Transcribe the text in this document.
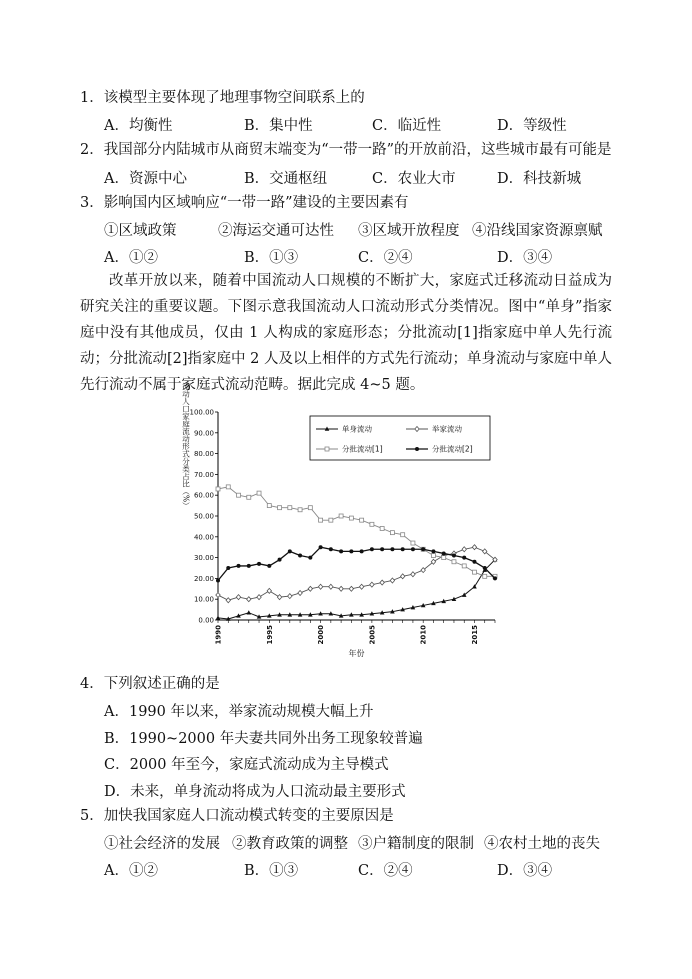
1．该模型主要体现了地理事物空间联系上的
A．均衡性	B．集中性	C．临近性	D．等级性
2．我国部分内陆城市从商贸末端变为“一带一路”的开放前沿，这些城市最有可能是
A．资源中心	B．交通枢纽	C．农业大市	D．科技新城
3．影响国内区域响应“一带一路”建设的主要因素有
①区域政策	②海运交通可达性 ③区域开放程度 ④沿线国家资源禀赋
A．①②	B．①③	C．②④	D．③④
改革开放以来，随着中国流动人口规模的不断扩大，家庭式迁移流动日益成为研究关注的重要议题。下图示意我国流动人口流动形式分类情况。图中“单身”指家庭中没有其他成员，仅由 1 人构成的家庭形态；分批流动[1]指家庭中单人先行流动；分批流动[2]指家庭中 2 人及以上相伴的方式先行流动；单身流动与家庭中单人先行流动不属于家庭式流动范畴。据此完成 4~5 题。
0.00
10.00
20.00
30.00
40.00
50.00
60.00
70.00
80.00
90.00
100.00
1990	1995	2000	2005	2010	2015
年份
流动人口家庭流动形式分类占比（%）	单身流动	举家流动
分批流动[1]	分批流动[2]
4．下列叙述正确的是
A．1990 年以来，举家流动规模大幅上升
B．1990~2000 年夫妻共同外出务工现象较普遍
C．2000 年至今，家庭式流动成为主导模式
D．未来，单身流动将成为人口流动最主要形式
5．加快我国家庭人口流动模式转变的主要原因是
①社会经济的发展 ②教育政策的调整 ③户籍制度的限制 ④农村土地的丧失
A．①②	B．①③	C．②④	D．③④
